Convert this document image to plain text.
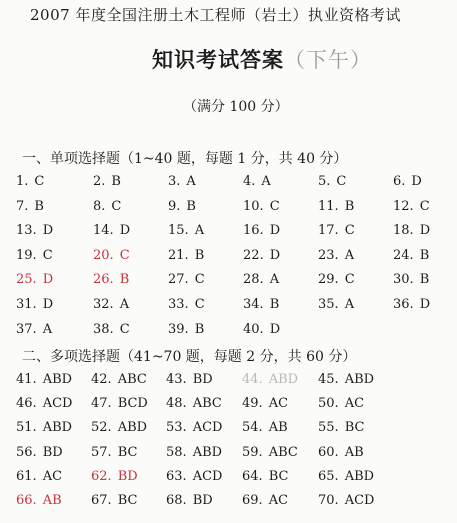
2007 年度全国注册土木工程师（岩土）执业资格考试
知识考试答案（下午）
（满分 100 分）
一、单项选择题（1~40 题，每题 1 分，共 40 分）
1. C	2. B	3. A	4. A	5. C	6. D
7. B	8. C	9. B	10. C	11. B	12. C
13. D	14. D	15. A	16. D	17. C	18. D
19. C	20. C	21. B	22. D	23. A	24. B
25. D	26. B	27. C	28. A	29. C	30. B
31. D	32. A	33. C	34. B	35. A	36. D
37. A	38. C	39. B	40. D
二、多项选择题（41~70 题，每题 2 分，共 60 分）
41. ABD 42. ABC 43. BD 44. ABD 45. ABD
46. ACD 47. BCD 48. ABC 49. AC 50. AC
51. ABD 52. ABD 53. ACD 54. AB 55. BC
56. BD 57. BC 58. ABD 59. ABC 60. AB
61. AC 62. BD 63. ACD 64. BC 65. ABD
66. AB 67. BC 68. BD 69. AC 70. ACD
